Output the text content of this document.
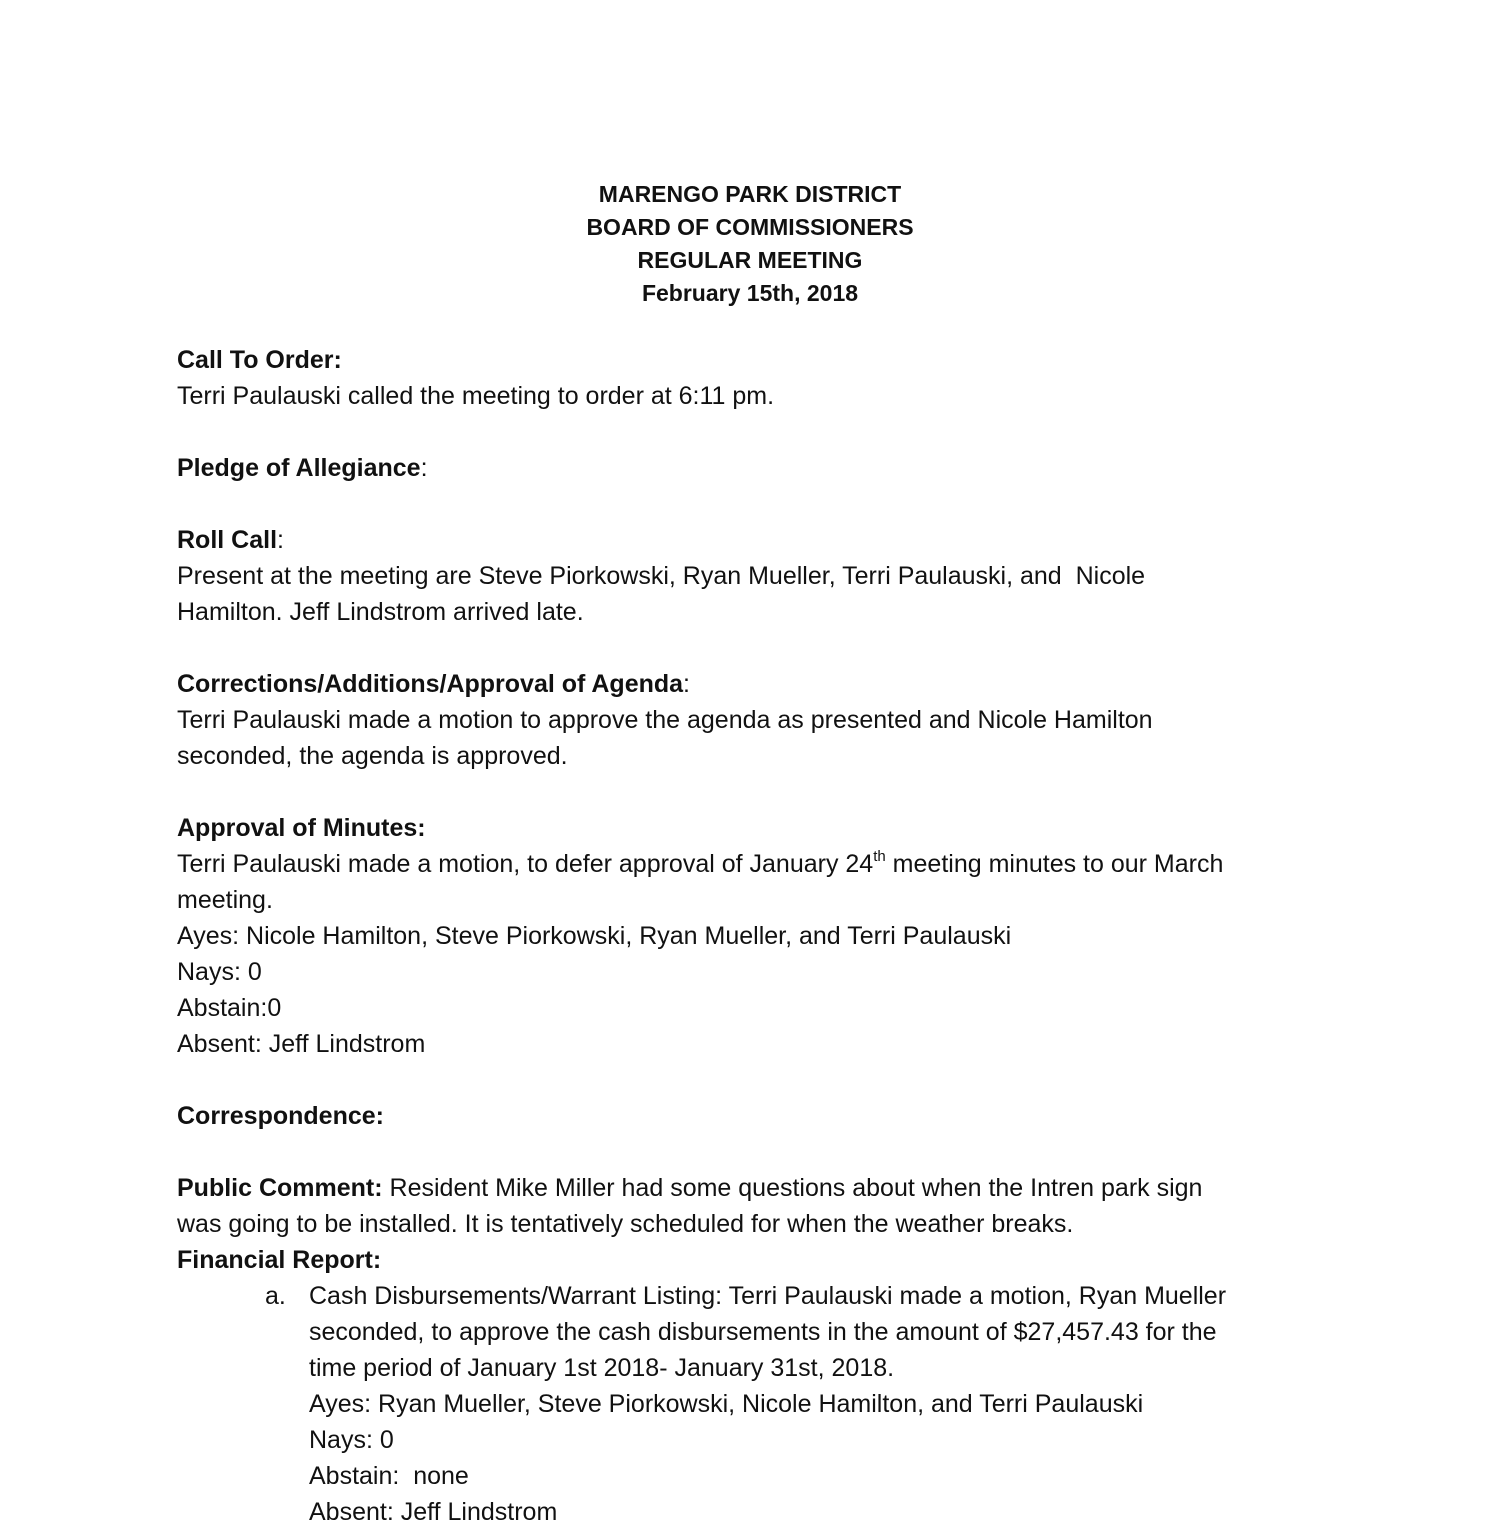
MARENGO PARK DISTRICT
BOARD OF COMMISSIONERS
REGULAR MEETING
February 15th, 2018
Call To Order:
Terri Paulauski called the meeting to order at 6:11 pm.
Pledge of Allegiance:
Roll Call:
Present at the meeting are Steve Piorkowski, Ryan Mueller, Terri Paulauski, and  Nicole
Hamilton. Jeff Lindstrom arrived late.
Corrections/Additions/Approval of Agenda:
Terri Paulauski made a motion to approve the agenda as presented and Nicole Hamilton
seconded, the agenda is approved.
Approval of Minutes:
Terri Paulauski made a motion, to defer approval of January 24th meeting minutes to our March
meeting.
Ayes: Nicole Hamilton, Steve Piorkowski, Ryan Mueller, and Terri Paulauski
Nays: 0
Abstain:0
Absent: Jeff Lindstrom
Correspondence:
Public Comment: Resident Mike Miller had some questions about when the Intren park sign
was going to be installed. It is tentatively scheduled for when the weather breaks.
Financial Report:
a. Cash Disbursements/Warrant Listing: Terri Paulauski made a motion, Ryan Mueller
seconded, to approve the cash disbursements in the amount of $27,457.43 for the
time period of January 1st 2018- January 31st, 2018.
Ayes: Ryan Mueller, Steve Piorkowski, Nicole Hamilton, and Terri Paulauski
Nays: 0
Abstain:  none
Absent: Jeff Lindstrom
